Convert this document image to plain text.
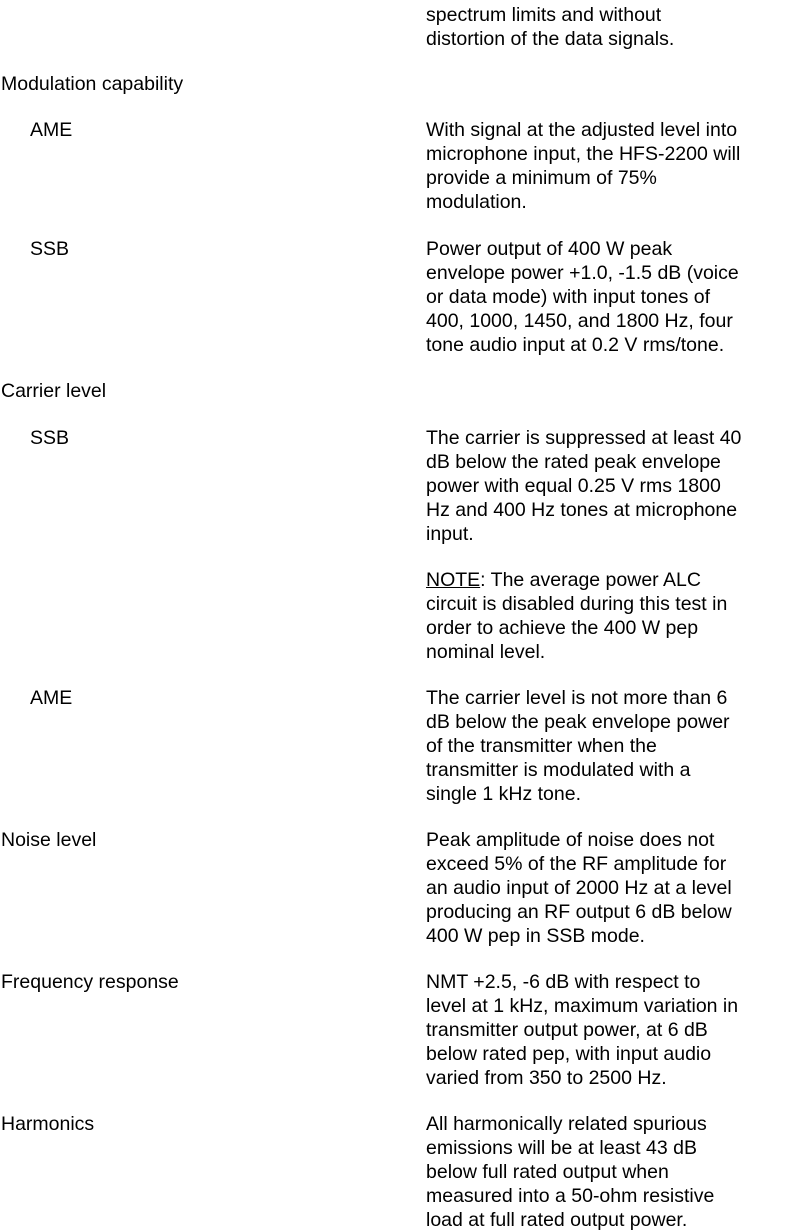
spectrum limits and without
distortion of the data signals.
Modulation capability
AME	With signal at the adjusted level into
microphone input, the HFS-2200 will
provide a minimum of 75%
modulation.
SSB	Power output of 400 W peak
envelope power +1.0, -1.5 dB (voice
or data mode) with input tones of
400, 1000, 1450, and 1800 Hz, four
tone audio input at 0.2 V rms/tone.
Carrier level
SSB	The carrier is suppressed at least 40
dB below the rated peak envelope
power with equal 0.25 V rms 1800
Hz and 400 Hz tones at microphone
input.
NOTE: The average power ALC
circuit is disabled during this test in
order to achieve the 400 W pep
nominal level.
AME	The carrier level is not more than 6
dB below the peak envelope power
of the transmitter when the
transmitter is modulated with a
single 1 kHz tone.
Noise level	Peak amplitude of noise does not
exceed 5% of the RF amplitude for
an audio input of 2000 Hz at a level
producing an RF output 6 dB below
400 W pep in SSB mode.
Frequency response	NMT +2.5, -6 dB with respect to
level at 1 kHz, maximum variation in
transmitter output power, at 6 dB
below rated pep, with input audio
varied from 350 to 2500 Hz.
Harmonics	All harmonically related spurious
emissions will be at least 43 dB
below full rated output when
measured into a 50-ohm resistive
load at full rated output power.
